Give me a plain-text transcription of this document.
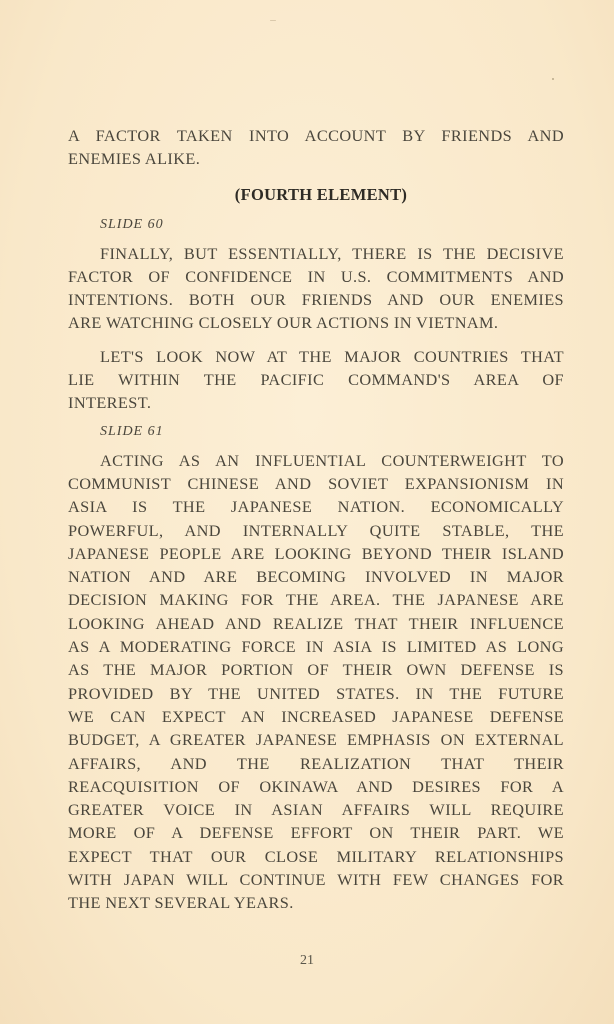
A FACTOR TAKEN INTO ACCOUNT BY FRIENDS AND
ENEMIES ALIKE.
(FOURTH ELEMENT)
SLIDE 60
FINALLY, BUT ESSENTIALLY, THERE IS THE DECISIVE
FACTOR OF CONFIDENCE IN U.S. COMMITMENTS AND
INTENTIONS. BOTH OUR FRIENDS AND OUR ENEMIES
ARE WATCHING CLOSELY OUR ACTIONS IN VIETNAM.
LET'S LOOK NOW AT THE MAJOR COUNTRIES THAT
LIE WITHIN THE PACIFIC COMMAND'S AREA OF
INTEREST.
SLIDE 61
ACTING AS AN INFLUENTIAL COUNTERWEIGHT TO
COMMUNIST CHINESE AND SOVIET EXPANSIONISM IN
ASIA IS THE JAPANESE NATION. ECONOMICALLY
POWERFUL, AND INTERNALLY QUITE STABLE, THE
JAPANESE PEOPLE ARE LOOKING BEYOND THEIR ISLAND
NATION AND ARE BECOMING INVOLVED IN MAJOR
DECISION MAKING FOR THE AREA. THE JAPANESE ARE
LOOKING AHEAD AND REALIZE THAT THEIR INFLUENCE
AS A MODERATING FORCE IN ASIA IS LIMITED AS LONG
AS THE MAJOR PORTION OF THEIR OWN DEFENSE IS
PROVIDED BY THE UNITED STATES. IN THE FUTURE
WE CAN EXPECT AN INCREASED JAPANESE DEFENSE
BUDGET, A GREATER JAPANESE EMPHASIS ON EXTERNAL
AFFAIRS, AND THE REALIZATION THAT THEIR
REACQUISITION OF OKINAWA AND DESIRES FOR A
GREATER VOICE IN ASIAN AFFAIRS WILL REQUIRE
MORE OF A DEFENSE EFFORT ON THEIR PART. WE
EXPECT THAT OUR CLOSE MILITARY RELATIONSHIPS
WITH JAPAN WILL CONTINUE WITH FEW CHANGES FOR
THE NEXT SEVERAL YEARS.
21
